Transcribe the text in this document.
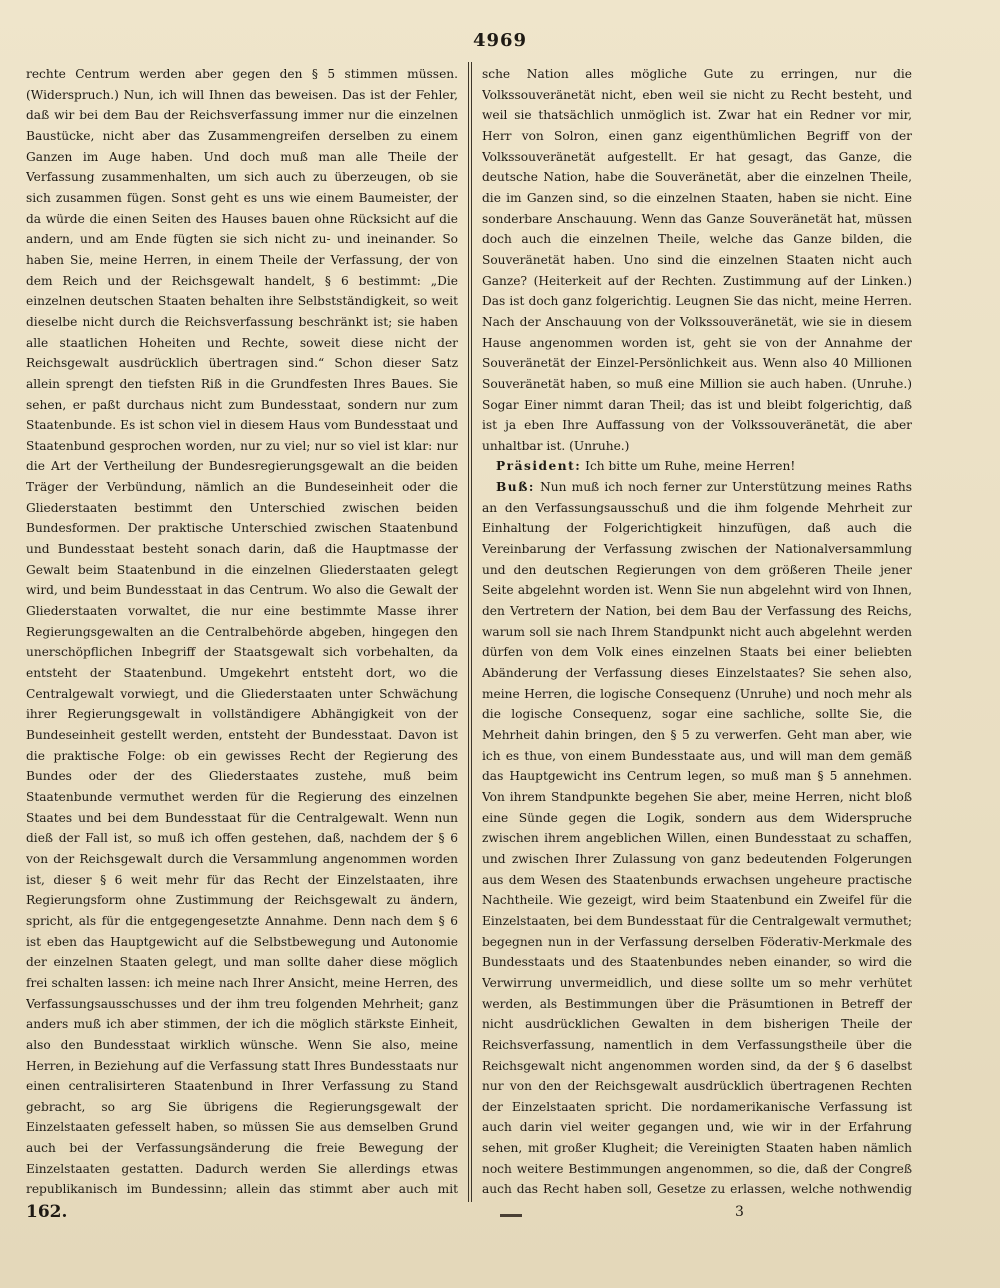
4969

rechte Centrum werden aber gegen den § 5 stimmen müssen. (Widerspruch.) Nun, ich will Ihnen das beweisen. Das ist der Fehler, daß wir bei dem Bau der Reichsverfassung immer nur die einzelnen Baustücke, nicht aber das Zusammengreifen derselben zu einem Ganzen im Auge haben. Und doch muß man alle Theile der Verfassung zusammenhalten, um sich auch zu überzeugen, ob sie sich zusammen fügen. Sonst geht es uns wie einem Baumeister, der da würde die einen Seiten des Hauses bauen ohne Rücksicht auf die andern, und am Ende fügten sie sich nicht zu- und ineinander. So haben Sie, meine Herren, in einem Theile der Verfassung, der von dem Reich und der Reichsgewalt handelt, § 6 bestimmt: „Die einzelnen deutschen Staaten behalten ihre Selbstständigkeit, so weit dieselbe nicht durch die Reichsverfassung beschränkt ist; sie haben alle staatlichen Hoheiten und Rechte, soweit diese nicht der Reichsgewalt ausdrücklich übertragen sind.“ Schon dieser Satz allein sprengt den tiefsten Riß in die Grundfesten Ihres Baues. Sie sehen, er paßt durchaus nicht zum Bundesstaat, sondern nur zum Staatenbunde. Es ist schon viel in diesem Haus vom Bundesstaat und Staatenbund gesprochen worden, nur zu viel; nur so viel ist klar: nur die Art der Vertheilung der Bundesregierungsgewalt an die beiden Träger der Verbündung, nämlich an die Bundeseinheit oder die Gliederstaaten bestimmt den Unterschied zwischen beiden Bundesformen. Der praktische Unterschied zwischen Staatenbund und Bundesstaat besteht sonach darin, daß die Hauptmasse der Gewalt beim Staatenbund in die einzelnen Gliederstaaten gelegt wird, und beim Bundesstaat in das Centrum. Wo also die Gewalt der Gliederstaaten vorwaltet, die nur eine bestimmte Masse ihrer Regierungsgewalten an die Centralbehörde abgeben, hingegen den unerschöpflichen Inbegriff der Staatsgewalt sich vorbehalten, da entsteht der Staatenbund. Umgekehrt entsteht dort, wo die Centralgewalt vorwiegt, und die Gliederstaaten unter Schwächung ihrer Regierungsgewalt in vollständigere Abhängigkeit von der Bundeseinheit gestellt werden, entsteht der Bundesstaat. Davon ist die praktische Folge: ob ein gewisses Recht der Regierung des Bundes oder der des Gliederstaates zustehe, muß beim Staatenbunde vermuthet werden für die Regierung des einzelnen Staates und bei dem Bundesstaat für die Centralgewalt. Wenn nun dieß der Fall ist, so muß ich offen gestehen, daß, nachdem der § 6 von der Reichsgewalt durch die Versammlung angenommen worden ist, dieser § 6 weit mehr für das Recht der Einzelstaaten, ihre Regierungsform ohne Zustimmung der Reichsgewalt zu ändern, spricht, als für die entgegengesetzte Annahme. Denn nach dem § 6 ist eben das Hauptgewicht auf die Selbstbewegung und Autonomie der einzelnen Staaten gelegt, und man sollte daher diese möglich frei schalten lassen: ich meine nach Ihrer Ansicht, meine Herren, des Verfassungsausschusses und der ihm treu folgenden Mehrheit; ganz anders muß ich aber stimmen, der ich die möglich stärkste Einheit, also den Bundesstaat wirklich wünsche. Wenn Sie also, meine Herren, in Beziehung auf die Verfassung statt Ihres Bundesstaats nur einen centralisirteren Staatenbund in Ihrer Verfassung zu Stand gebracht, so arg Sie übrigens die Regierungsgewalt der Einzelstaaten gefesselt haben, so müssen Sie aus demselben Grund auch bei der Verfassungsänderung die freie Bewegung der Einzelstaaten gestatten. Dadurch werden Sie allerdings etwas republikanisch im Bundessinn; allein das stimmt aber auch mit

sche Nation alles mögliche Gute zu erringen, nur die Volkssouveränetät nicht, eben weil sie nicht zu Recht besteht, und weil sie thatsächlich unmöglich ist. Zwar hat ein Redner vor mir, Herr von Solron, einen ganz eigenthümlichen Begriff von der Volkssouveränetät aufgestellt. Er hat gesagt, das Ganze, die deutsche Nation, habe die Souveränetät, aber die einzelnen Theile, die im Ganzen sind, so die einzelnen Staaten, haben sie nicht. Eine sonderbare Anschauung. Wenn das Ganze Souveränetät hat, müssen doch auch die einzelnen Theile, welche das Ganze bilden, die Souveränetät haben. Uno sind die einzelnen Staaten nicht auch Ganze? (Heiterkeit auf der Rechten. Zustimmung auf der Linken.) Das ist doch ganz folgerichtig. Leugnen Sie das nicht, meine Herren. Nach der Anschauung von der Volkssouveränetät, wie sie in diesem Hause angenommen worden ist, geht sie von der Annahme der Souveränetät der Einzel-Persönlichkeit aus. Wenn also 40 Millionen Souveränetät haben, so muß eine Million sie auch haben. (Unruhe.) Sogar Einer nimmt daran Theil; das ist und bleibt folgerichtig, daß ist ja eben Ihre Auffassung von der Volkssouveränetät, die aber unhaltbar ist. (Unruhe.)

Präsident: Ich bitte um Ruhe, meine Herren!

Buß: Nun muß ich noch ferner zur Unterstützung meines Raths an den Verfassungsausschuß und die ihm folgende Mehrheit zur Einhaltung der Folgerichtigkeit hinzufügen, daß auch die Vereinbarung der Verfassung zwischen der Nationalversammlung und den deutschen Regierungen von dem größeren Theile jener Seite abgelehnt worden ist. Wenn Sie nun abgelehnt wird von Ihnen, den Vertretern der Nation, bei dem Bau der Verfassung des Reichs, warum soll sie nach Ihrem Standpunkt nicht auch abgelehnt werden dürfen von dem Volk eines einzelnen Staats bei einer beliebten Abänderung der Verfassung dieses Einzelstaates? Sie sehen also, meine Herren, die logische Consequenz (Unruhe) und noch mehr als die logische Consequenz, sogar eine sachliche, sollte Sie, die Mehrheit dahin bringen, den § 5 zu verwerfen. Geht man aber, wie ich es thue, von einem Bundesstaate aus, und will man dem gemäß das Hauptgewicht ins Centrum legen, so muß man § 5 annehmen. Von ihrem Standpunkte begehen Sie aber, meine Herren, nicht bloß eine Sünde gegen die Logik, sondern aus dem Widerspruche zwischen ihrem angeblichen Willen, einen Bundesstaat zu schaffen, und zwischen Ihrer Zulassung von ganz bedeutenden Folgerungen aus dem Wesen des Staatenbunds erwachsen ungeheure practische Nachtheile. Wie gezeigt, wird beim Staatenbund ein Zweifel für die Einzelstaaten, bei dem Bundesstaat für die Centralgewalt vermuthet; begegnen nun in der Verfassung derselben Föderativ-Merkmale des Bundesstaats und des Staatenbundes neben einander, so wird die Verwirrung unvermeidlich, und diese sollte um so mehr verhütet werden, als Bestimmungen über die Präsumtionen in Betreff der nicht ausdrücklichen Gewalten in dem bisherigen Theile der Reichsverfassung, namentlich in dem Verfassungstheile über die Reichsgewalt nicht angenommen worden sind, da der § 6 daselbst nur von den der Reichsgewalt ausdrücklich übertragenen Rechten der Einzelstaaten spricht. Die nordamerikanische Verfassung ist auch darin viel weiter gegangen und, wie wir in der Erfahrung sehen, mit großer Klugheit; die Vereinigten Staaten haben nämlich noch weitere Bestimmungen angenommen, so die, daß der Congreß auch das Recht haben soll, Gesetze zu erlassen, welche nothwendig

162.	3
